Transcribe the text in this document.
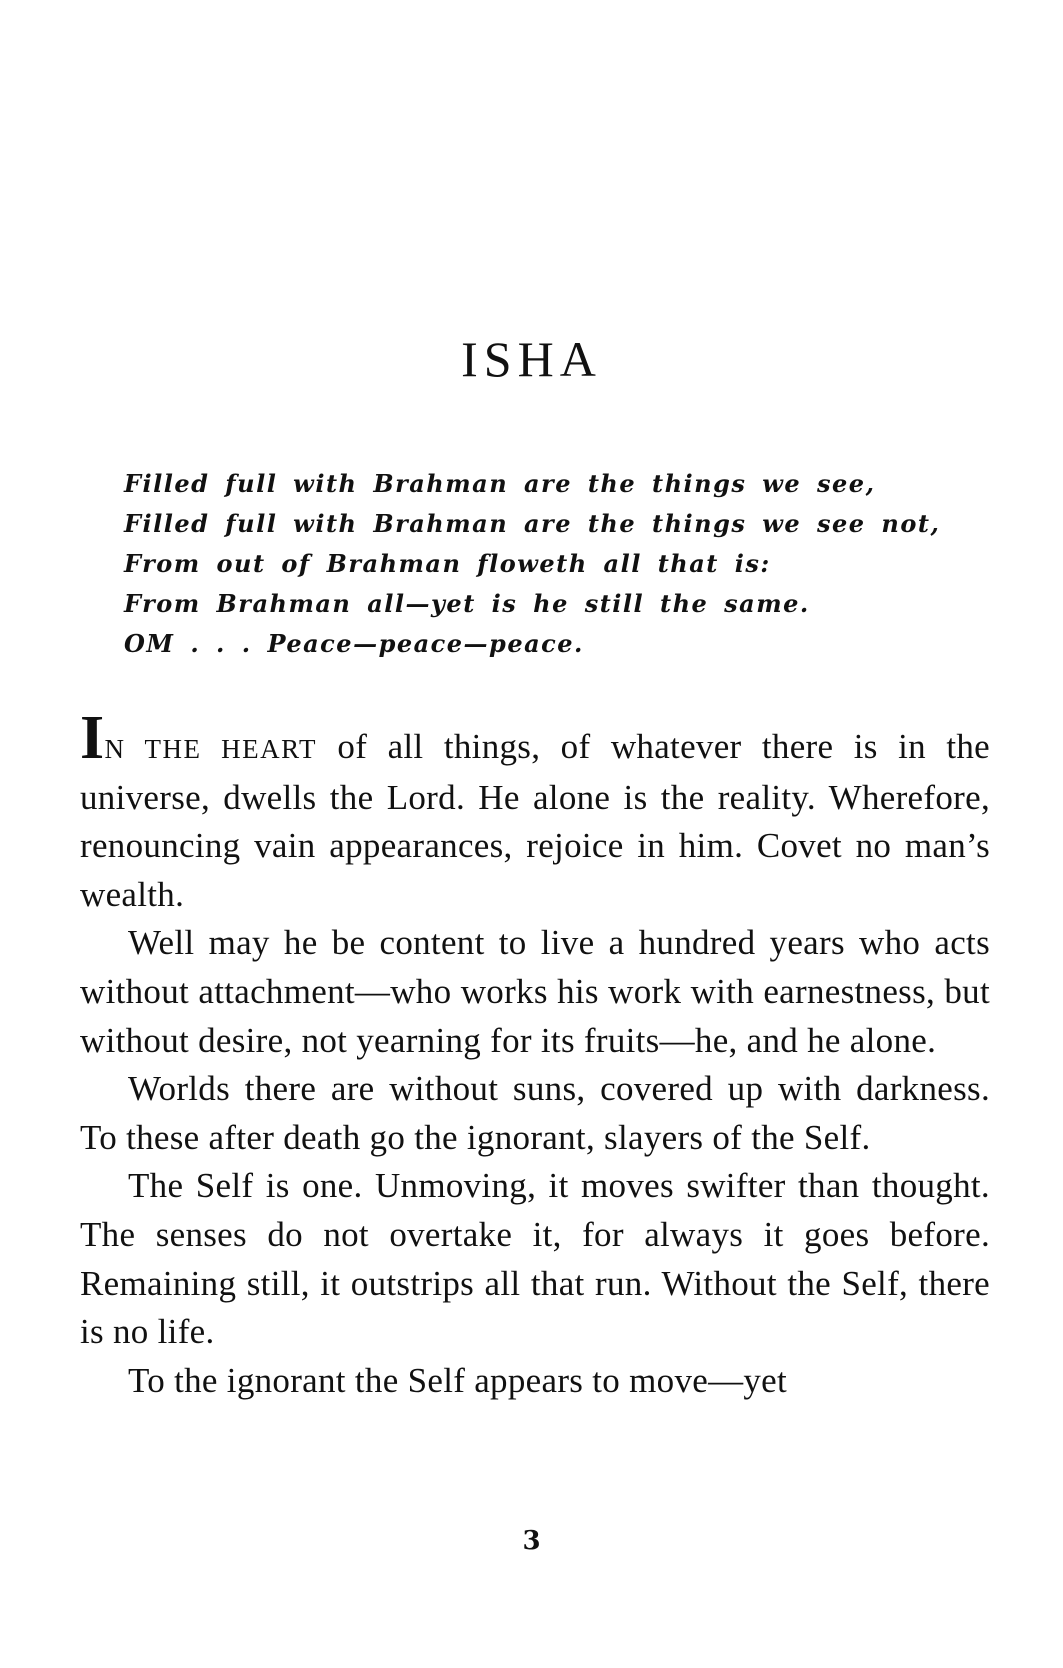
ISHA
Filled full with Brahman are the things we see,
Filled full with Brahman are the things we see not,
From out of Brahman floweth all that is:
From Brahman all—yet is he still the same.
OM . . . Peace—peace—peace.

IN THE HEART of all things, of whatever there is in the universe, dwells the Lord. He alone is the reality. Wherefore, renouncing vain appearances, rejoice in him. Covet no man’s wealth.

Well may he be content to live a hundred years who acts without attachment—who works his work with earnestness, but without desire, not yearning for its fruits—he, and he alone.

Worlds there are without suns, covered up with darkness. To these after death go the ignorant, slayers of the Self.

The Self is one. Unmoving, it moves swifter than thought. The senses do not overtake it, for always it goes before. Remaining still, it outstrips all that run. Without the Self, there is no life.

To the ignorant the Self appears to move—yet

3
